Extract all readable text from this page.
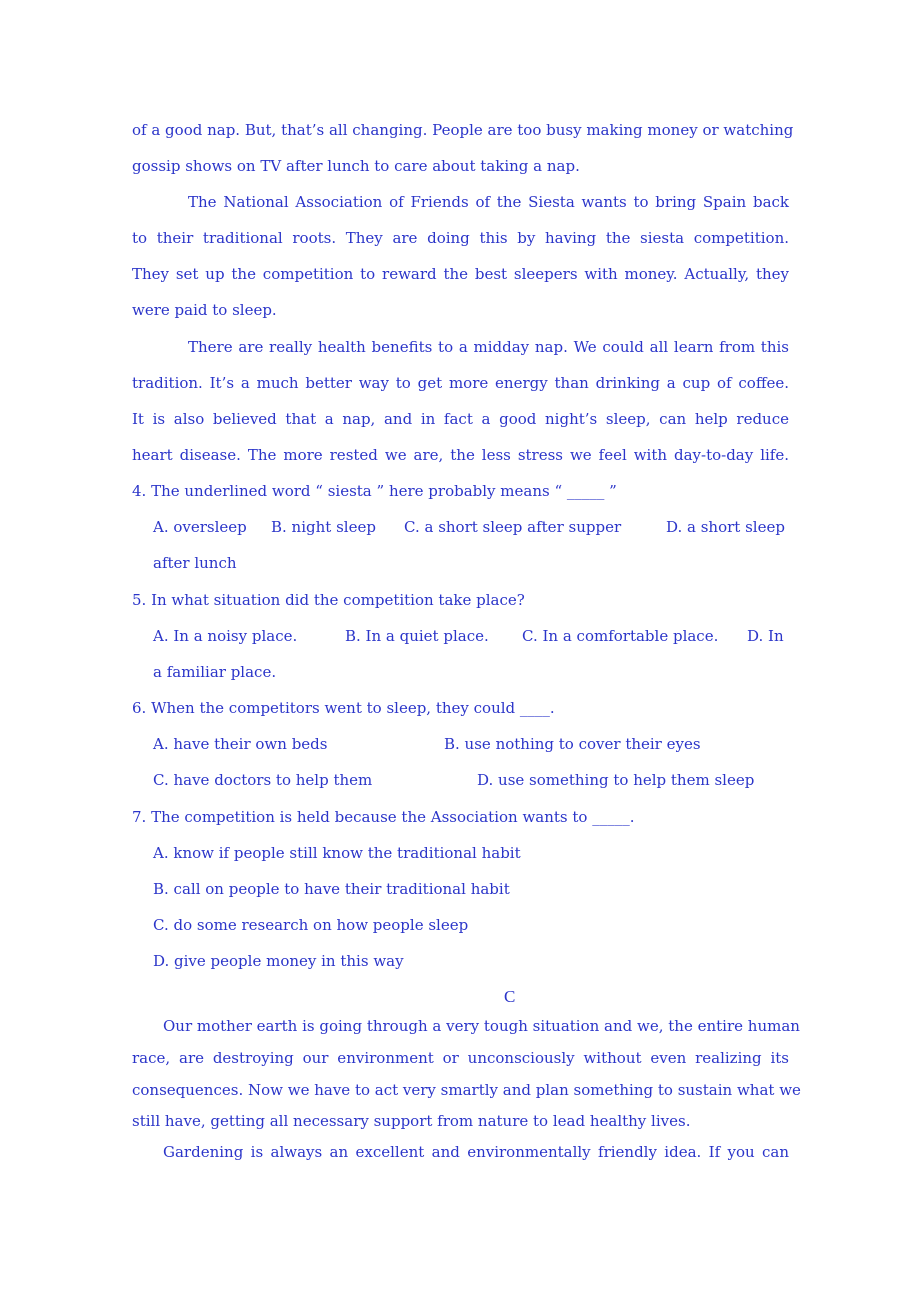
of a good nap. But, that’s all changing. People are too busy making money or watching
gossip shows on TV after lunch to care about taking a nap.
The National Association of Friends of the Siesta wants to bring Spain back
to their traditional roots. They are doing this by having the siesta competition.
They set up the competition to reward the best sleepers with money. Actually, they
were paid to sleep.
There are really health benefits to a midday nap. We could all learn from this
tradition. It’s a much better way to get more energy than drinking a cup of coffee.
It is also believed that a nap, and in fact a good night’s sleep, can help reduce
heart disease. The more rested we are, the less stress we feel with day-to-day life.
4. The underlined word “ siesta ” here probably means “ _____ ”
A. oversleep B. night sleep C. a short sleep after supper	D. a short sleep
after lunch
5. In what situation did the competition take place?
A. In a noisy place.	B. In a quiet place. C. In a comfortable place. D. In
a familiar place.
6. When the competitors went to sleep, they could ____.
A. have their own beds	B. use nothing to cover their eyes
C. have doctors to help them	D. use something to help them sleep
7. The competition is held because the Association wants to _____.
A. know if people still know the traditional habit
B. call on people to have their traditional habit
C. do some research on how people sleep
D. give people money in this way
C
Our mother earth is going through a very tough situation and we, the entire human
race, are destroying our environment or unconsciously without even realizing its
consequences. Now we have to act very smartly and plan something to sustain what we
still have, getting all necessary support from nature to lead healthy lives.
Gardening is always an excellent and environmentally friendly idea. If you can
